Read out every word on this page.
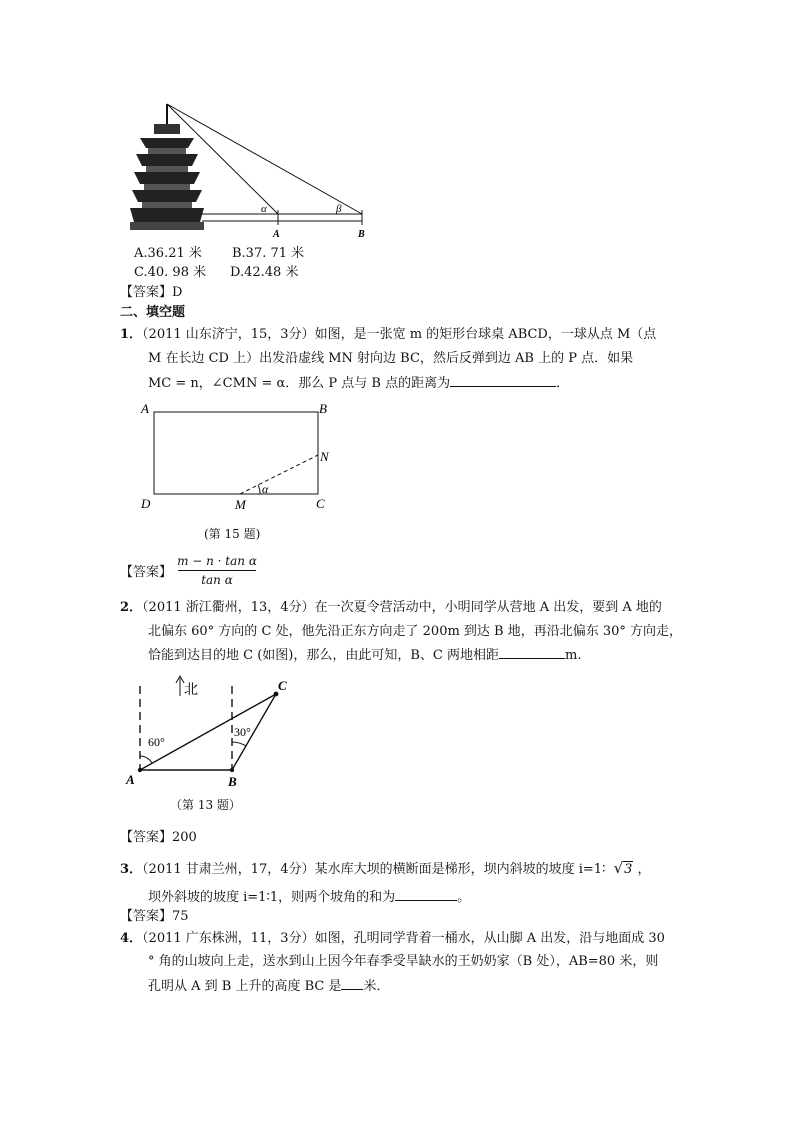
α	β
A	B
A.36.21 米 B.37. 71 米
C.40. 98 米 D.42.48 米
【答案】D
二、填空题
1．（2011 山东济宁，15，3分）如图，是一张宽 m 的矩形台球桌 ABCD，一球从点 M（点
M 在长边 CD 上）出发沿虚线 MN 射向边 BC，然后反弹到边 AB 上的 P 点．如果
MC = n，∠CMN = α．那么 P 点与 B 点的距离为	．
A	B
N
D	M	C
α
(第 15 题)
【答案】
m − n · tan α
tan α
2．（2011 浙江衢州，13，4分）在一次夏令营活动中，小明同学从营地 A 出发，要到 A 地的
北偏东 60° 方向的 C 处，他先沿正东方向走了 200m 到达 B 地，再沿北偏东 30° 方向走，
恰能到达目的地 C (如图)，那么，由此可知，B、C 两地相距	m.
北
60°
30°
A	B
C
（第 13 题）
【答案】200
3．（2011 甘肃兰州，17，4分）某水库大坝的横断面是梯形，坝内斜坡的坡度 i=1∶ √3 ，
坝外斜坡的坡度 i=1∶1，则两个坡角的和为	。
【答案】75
4．（2011 广东株洲，11，3分）如图，孔明同学背着一桶水，从山脚 A 出发，沿与地面成 30
° 角的山坡向上走，送水到山上因今年春季受旱缺水的王奶奶家（B 处），AB=80 米，则
孔明从 A 到 B 上升的高度 BC 是 米．
